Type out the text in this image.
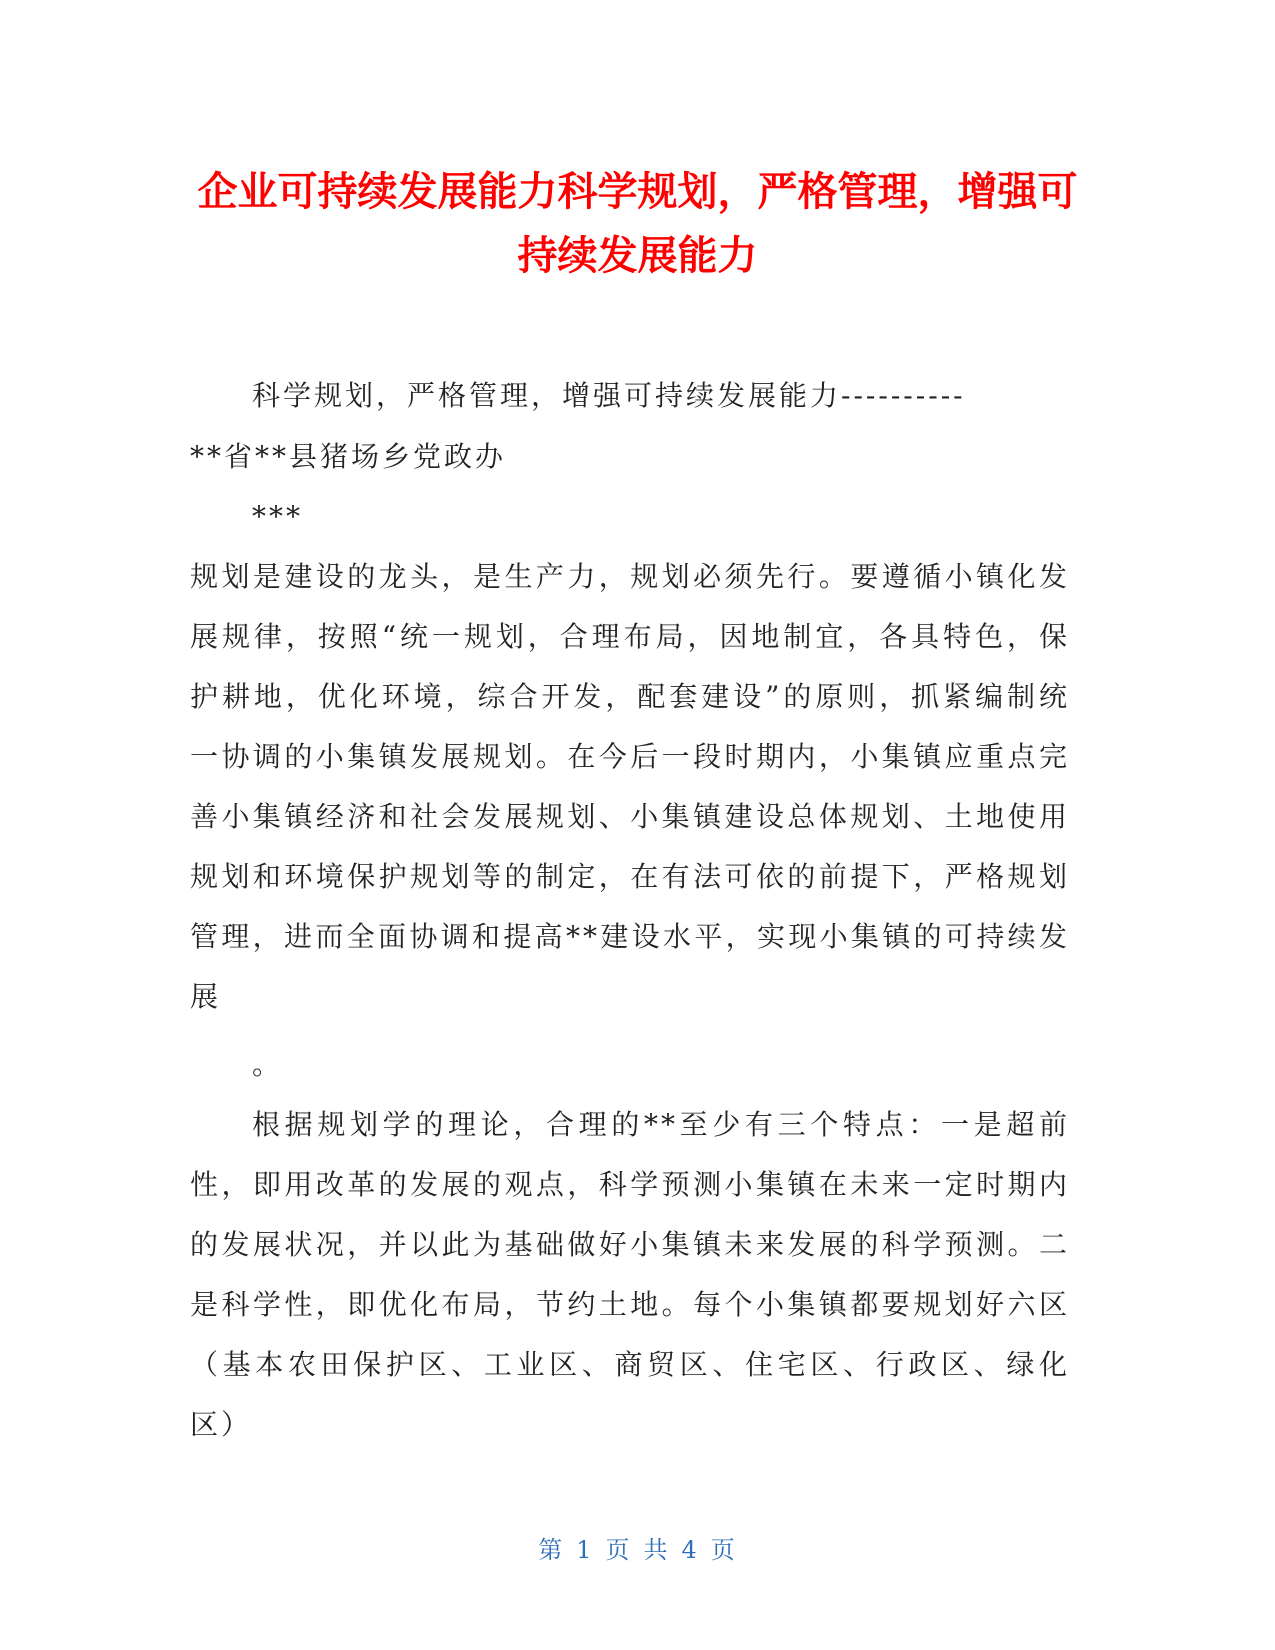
企业可持续发展能力科学规划，严格管理，增强可持续发展能力
科学规划，严格管理，增强可持续发展能力----------
**省**县猪场乡党政办
***
规划是建设的龙头，是生产力，规划必须先行。要遵循小镇化发展规律，按照“统一规划，合理布局，因地制宜，各具特色，保护耕地，优化环境，综合开发，配套建设”的原则，抓紧编制统一协调的小集镇发展规划。在今后一段时期内，小集镇应重点完善小集镇经济和社会发展规划、小集镇建设总体规划、土地使用规划和环境保护规划等的制定，在有法可依的前提下，严格规划管理，进而全面协调和提高**建设水平，实现小集镇的可持续发展
。
根据规划学的理论，合理的**至少有三个特点：一是超前性，即用改革的发展的观点，科学预测小集镇在未来一定时期内的发展状况，并以此为基础做好小集镇未来发展的科学预测。二是科学性，即优化布局，节约土地。每个小集镇都要规划好六区（基本农田保护区、工业区、商贸区、住宅区、行政区、绿化区）
第 1 页 共 4 页
